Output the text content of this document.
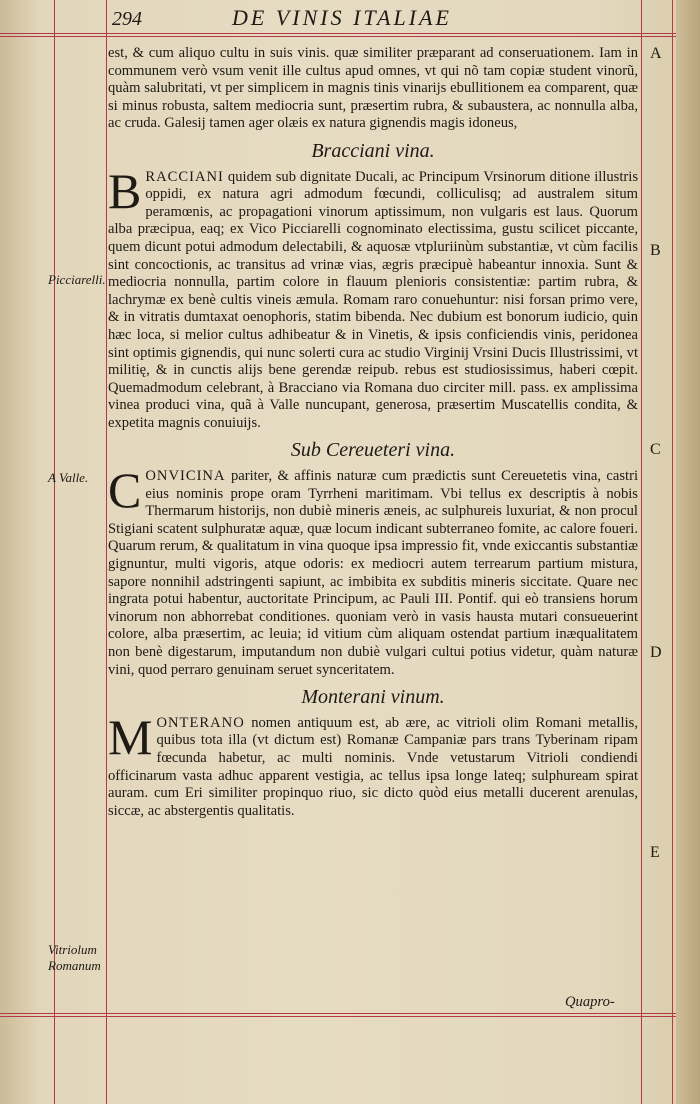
294	DE VINIS ITALIAE

est, & cum aliquo cultu in suis vinis. quæ similiter præparant ad conseruationem. Iam in communem verò vsum venit ille cultus apud omnes, vt qui nõ tam copiæ student vinorũ, quàm salubritati, vt per simplicem in magnis tinis vinarijs ebullitionem ea comparent, quæ si minus robusta, saltem mediocria sunt, præsertim rubra, & subaustera, ac nonnulla alba, ac cruda. Galesij tamen ager olæis ex natura gignendis magis idoneus,

Bracciani vina.

BRACCIANI quidem sub dignitate Ducali, ac Principum Vrsinorum ditione illustris oppidi, ex natura agri admodum fœcundi, colliculisq; ad australem situm peramœnis, ac propagationi vinorum aptissimum, non vulgaris est laus. Quorum alba præcipua, eaq; ex Vico Picciarelli cognominato electissima, gustu scilicet piccante, quem dicunt potui admodum delectabili, & aquosæ vtpluriinùm substantiæ, vt cùm facilis sint concoctionis, ac transitus ad vrinæ vias, ægris præcipuè habeantur innoxia. Sunt & mediocria nonnulla, partim colore in flauum plenioris consistentiæ: partim rubra, & lachrymæ ex benè cultis vineis æmula. Romam raro conuehuntur: nisi forsan primo vere, & in vitratis dumtaxat oenophoris, statim bibenda. Nec dubium est bonorum iudicio, quin hæc loca, si melior cultus adhibeatur & in Vinetis, & ipsis conficiendis vinis, peridonea sint optimis gignendis, qui nunc solerti cura ac studio Virginij Vrsini Ducis Illustrissimi, vt militię, & in cunctis alijs bene gerendæ reipub. rebus est studiosissimus, haberi cœpit. Quemadmodum celebrant, à Bracciano via Romana duo circiter mill. pass. ex amplissima vinea produci vina, quã à Valle nuncupant, generosa, præsertim Muscatellis condita, & expetita magnis conuiuijs.

Sub Cereueteri vina.

CONVICINA pariter, & affinis naturæ cum prædictis sunt Cereuetetis vina, castri eius nominis prope oram Tyrrheni maritimam. Vbi tellus ex descriptis à nobis Thermarum historijs, non dubiè mineris æneis, ac sulphureis luxuriat, & non procul Stigiani scatent sulphuratæ aquæ, quæ locum indicant subterraneo fomite, ac calore foueri. Quarum rerum, & qualitatum in vina quoque ipsa impressio fit, vnde exiccantis substantiæ gignuntur, multi vigoris, atque odoris: ex mediocri autem terrearum partium mistura, sapore nonnihil adstringenti sapiunt, ac imbibita ex subditis mineris siccitate. Quare nec ingrata potui habentur, auctoritate Principum, ac Pauli III. Pontif. qui eò transiens horum vinorum non abhorrebat conditiones. quoniam verò in vasis hausta mutari consueuerint colore, alba præsertim, ac leuia; id vitium cùm aliquam ostendat partium inæqualitatem non benè digestarum, imputandum non dubiè vulgari cultui potius videtur, quàm naturæ vini, quod perraro genuinam seruet synceritatem.

Monterani vinum.

MONTERANO nomen antiquum est, ab ære, ac vitrioli olim Romani metallis, quibus tota illa (vt dictum est) Romanæ Campaniæ pars trans Tyberinam ripam fœcunda habetur, ac multi nominis. Vnde vetustarum Vitrioli condiendi officinarum vasta adhuc apparent vestigia, ac tellus ipsa longe lateq; sulphuream spirat auram. cum Eri similiter propinquo riuo, sic dicto quòd eius metalli ducerent arenulas, siccæ, ac abstergentis qualitatis.

Quapro-
Picciarelli.
A Valle.
Vitriolum
Romanum
A
B
C
D
E
